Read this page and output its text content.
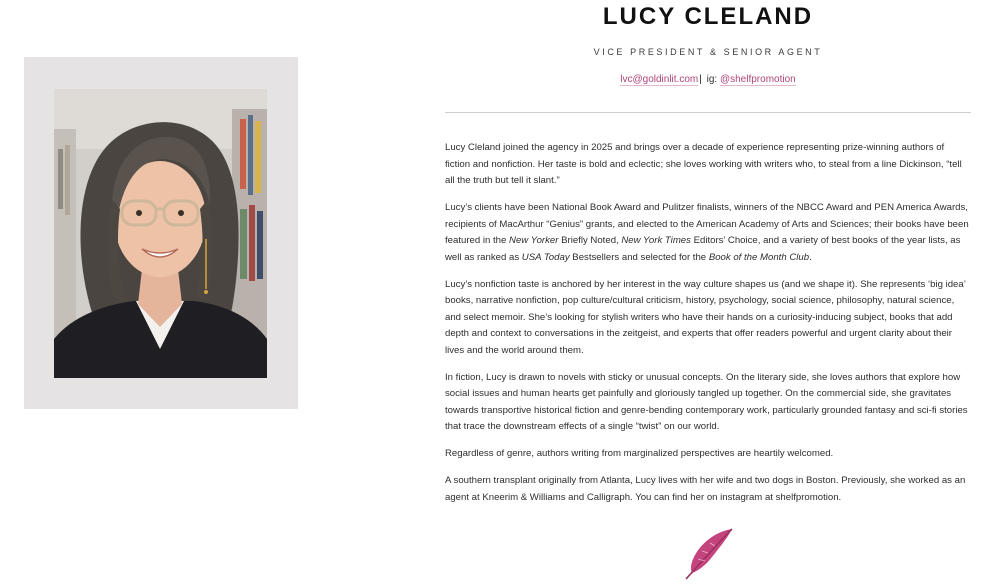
LUCY CLELAND
VICE PRESIDENT & SENIOR AGENT
lvc@goldinlit.com| ig: @shelfpromotion

Lucy Cleland joined the agency in 2025 and brings over a decade of experience representing prize-winning authors of fiction and nonfiction. Her taste is bold and eclectic; she loves working with writers who, to steal from a line Dickinson, “tell all the truth but tell it slant.”

Lucy’s clients have been National Book Award and Pulitzer finalists, winners of the NBCC Award and PEN America Awards, recipients of MacArthur “Genius” grants, and elected to the American Academy of Arts and Sciences; their books have been featured in the New Yorker Briefly Noted, New York Times Editors’ Choice, and a variety of best books of the year lists, as well as ranked as USA Today Bestsellers and selected for the Book of the Month Club.

Lucy’s nonfiction taste is anchored by her interest in the way culture shapes us (and we shape it). She represents ‘big idea’ books, narrative nonfiction, pop culture/cultural criticism, history, psychology, social science, philosophy, natural science, and select memoir. She’s looking for stylish writers who have their hands on a curiosity-inducing subject, books that add depth and context to conversations in the zeitgeist, and experts that offer readers powerful and urgent clarity about their lives and the world around them.

In fiction, Lucy is drawn to novels with sticky or unusual concepts. On the literary side, she loves authors that explore how social issues and human hearts get painfully and gloriously tangled up together. On the commercial side, she gravitates towards transportive historical fiction and genre-bending contemporary work, particularly grounded fantasy and sci-fi stories that trace the downstream effects of a single “twist” on our world.

Regardless of genre, authors writing from marginalized perspectives are heartily welcomed.

A southern transplant originally from Atlanta, Lucy lives with her wife and two dogs in Boston. Previously, she worked as an agent at Kneerim & Williams and Calligraph. You can find her on instagram at shelfpromotion.
